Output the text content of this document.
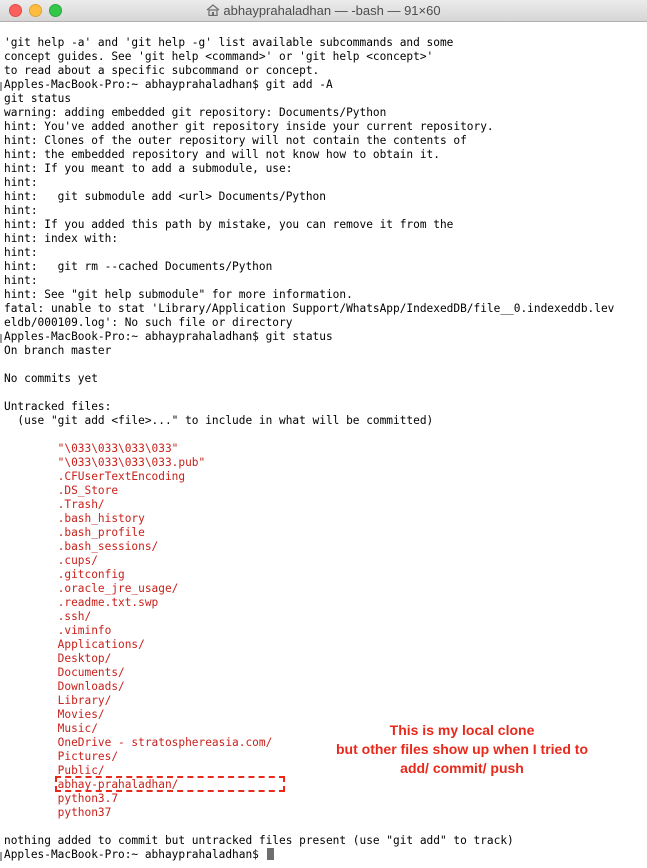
abhayprahaladhan — -bash — 91×60
'git help -a' and 'git help -g' list available subcommands and some
concept guides. See 'git help <command>' or 'git help <concept>'
to read about a specific subcommand or concept.
Apples-MacBook-Pro:~ abhayprahaladhan$ git add -A
git status
warning: adding embedded git repository: Documents/Python
hint: You've added another git repository inside your current repository.
hint: Clones of the outer repository will not contain the contents of
hint: the embedded repository and will not know how to obtain it.
hint: If you meant to add a submodule, use:
hint:
hint:   git submodule add <url> Documents/Python
hint:
hint: If you added this path by mistake, you can remove it from the
hint: index with:
hint:
hint:   git rm --cached Documents/Python
hint:
hint: See "git help submodule" for more information.
fatal: unable to stat 'Library/Application Support/WhatsApp/IndexedDB/file__0.indexeddb.lev
eldb/000109.log': No such file or directory
Apples-MacBook-Pro:~ abhayprahaladhan$ git status
On branch master
No commits yet
Untracked files:
(use "git add <file>..." to include in what will be committed)
"\033\033\033\033"
"\033\033\033\033.pub"
.CFUserTextEncoding
.DS_Store
.Trash/
.bash_history
.bash_profile
.bash_sessions/
.cups/
.gitconfig
.oracle_jre_usage/
.readme.txt.swp
.ssh/
.viminfo
Applications/
Desktop/
Documents/
Downloads/
Library/
Movies/
Music/
OneDrive - stratosphereasia.com/
Pictures/
Public/
abhay-prahaladhan/
python3.7
python37
nothing added to commit but untracked files present (use "git add" to track)
Apples-MacBook-Pro:~ abhayprahaladhan$
This is my local clone
but other files show up when I tried to
add/ commit/ push
